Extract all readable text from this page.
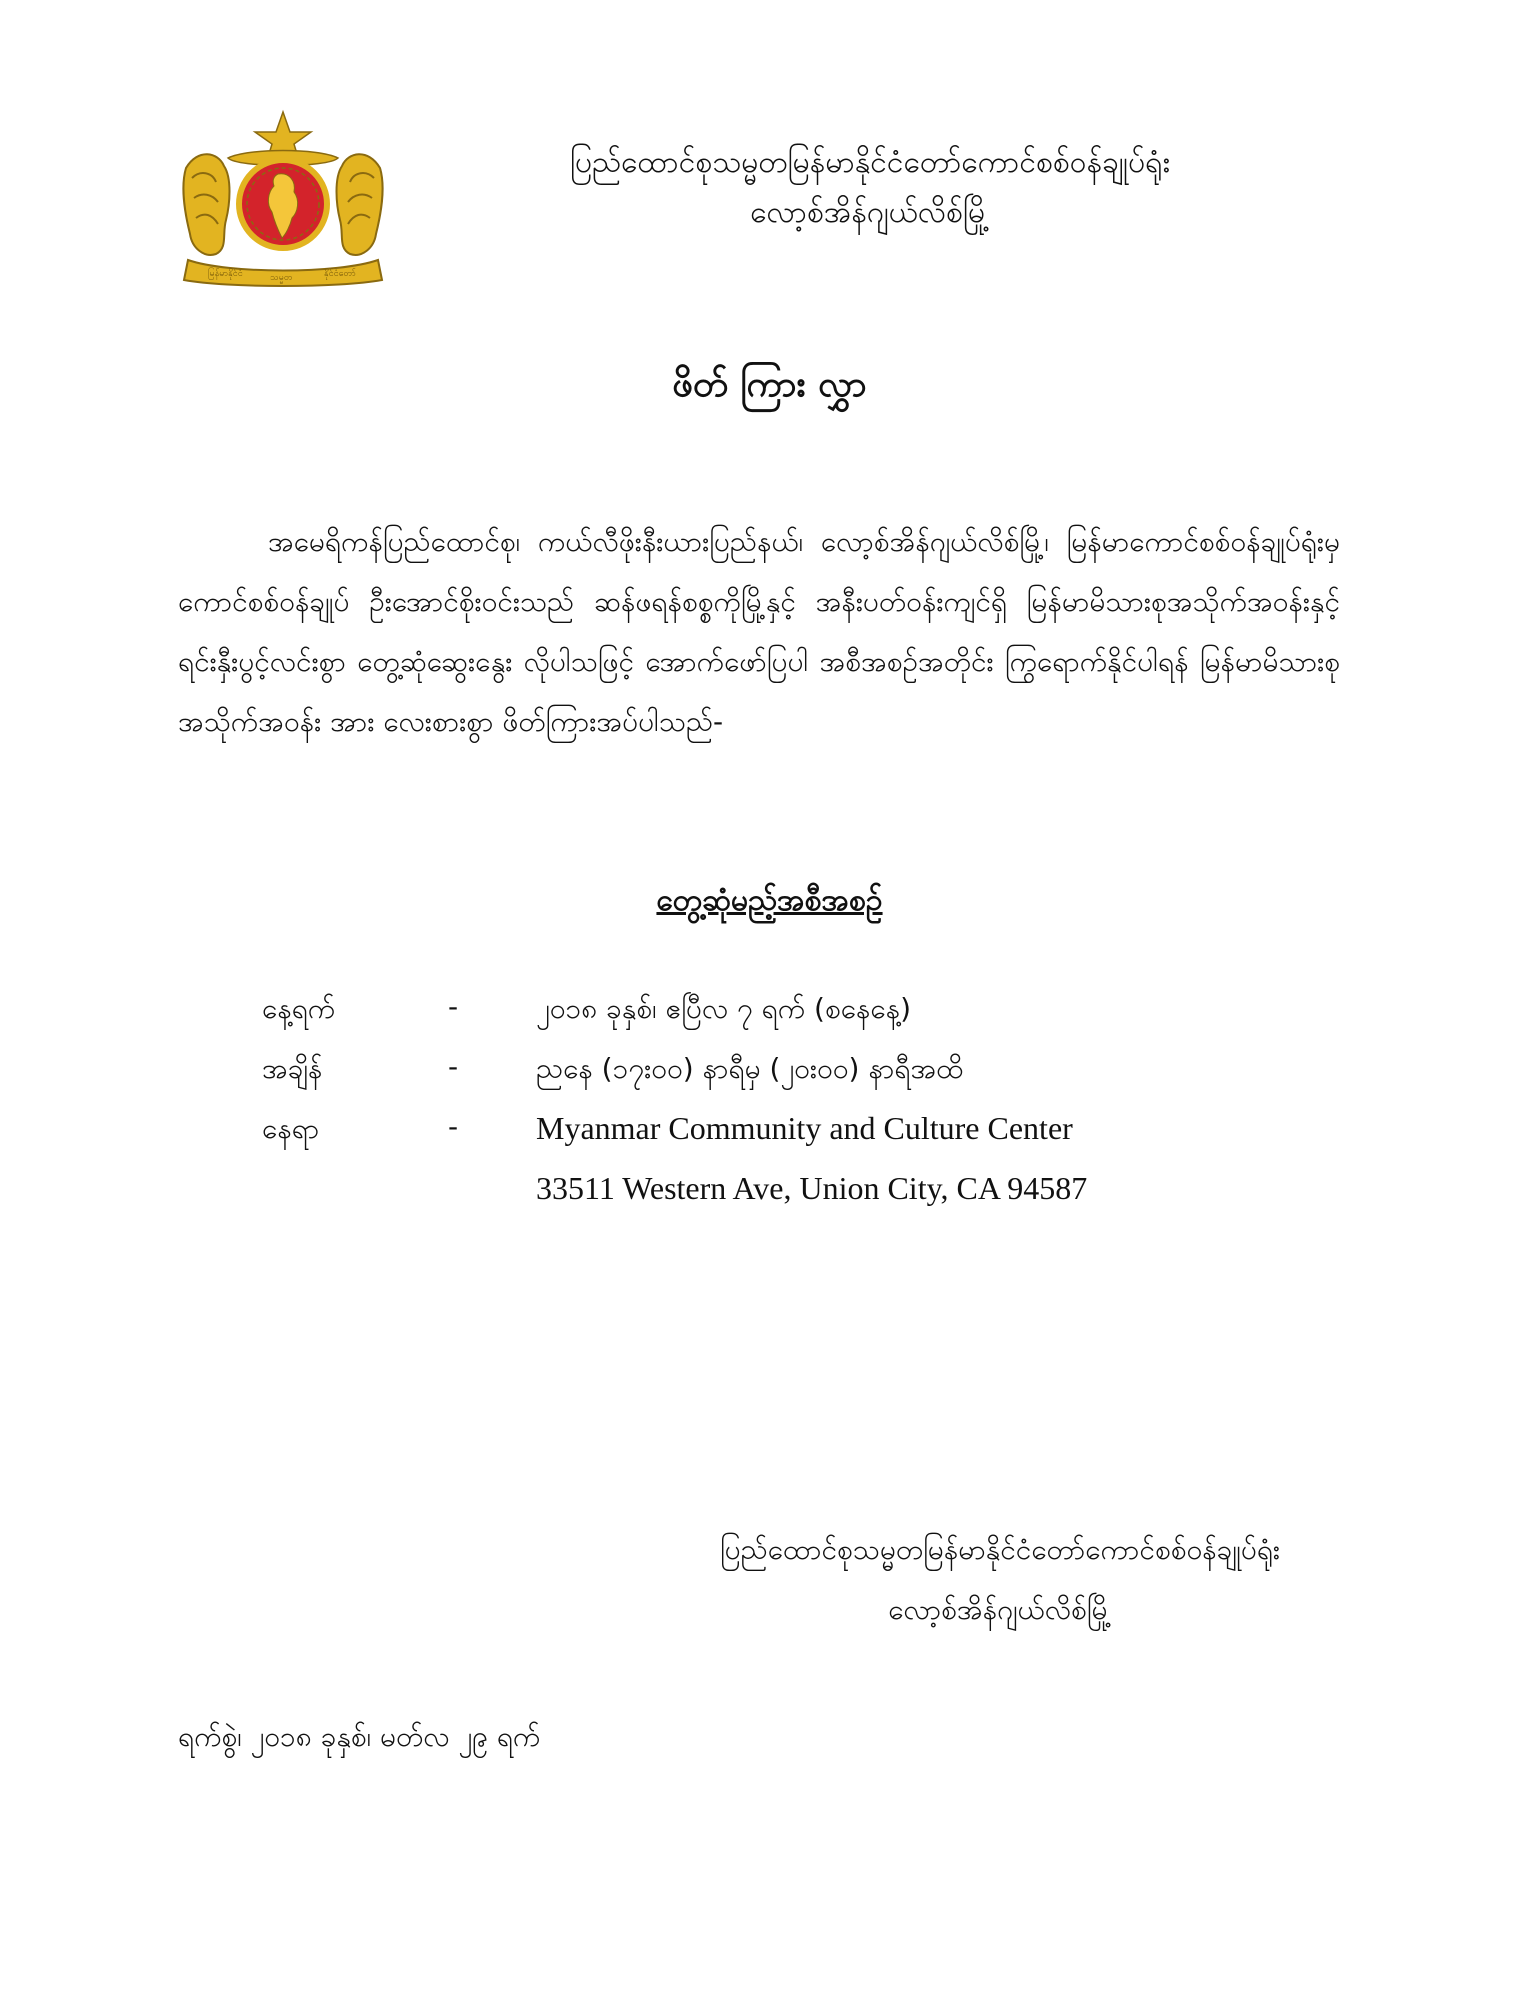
မြန်မာနိုင်ငံ	သမ္မတ	နိုင်ငံတော်
ပြည်ထောင်စုသမ္မတမြန်မာနိုင်ငံတော်ကောင်စစ်ဝန်ချုပ်ရုံး
လော့စ်အိန်ဂျယ်လိစ်မြို့
ဖိတ် ကြား လွှာ
အမေရိကန်ပြည်ထောင်စု၊ ကယ်လီဖိုးနီးယားပြည်နယ်၊ လော့စ်အိန်ဂျယ်လိစ်မြို့၊ မြန်မာကောင်စစ်ဝန်ချုပ်ရုံးမှ ကောင်စစ်ဝန်ချုပ် ဦးအောင်စိုးဝင်းသည် ဆန်ဖရန်စစ္စကိုမြို့နှင့် အနီးပတ်ဝန်းကျင်ရှိ မြန်မာမိသားစုအသိုက်အဝန်းနှင့် ရင်းနှီးပွင့်လင်းစွာ တွေ့ဆုံဆွေးနွေး လိုပါသဖြင့် အောက်ဖော်ပြပါ အစီအစဉ်အတိုင်း ကြွရောက်နိုင်ပါရန် မြန်မာမိသားစုအသိုက်အဝန်း အား လေးစားစွာ ဖိတ်ကြားအပ်ပါသည်-
တွေ့ဆုံမည့်အစီအစဉ်
နေ့ရက်	-	၂၀၁၈ ခုနှစ်၊ ဧပြီလ ၇ ရက် (စနေနေ့)
အချိန်	-	ညနေ (၁၇း၀၀) နာရီမှ (၂၀း၀၀) နာရီအထိ
နေရာ	- Myanmar Community and Culture Center
33511 Western Ave, Union City, CA 94587
ပြည်ထောင်စုသမ္မတမြန်မာနိုင်ငံတော်ကောင်စစ်ဝန်ချုပ်ရုံး
လော့စ်အိန်ဂျယ်လိစ်မြို့
ရက်စွဲ၊ ၂၀၁၈ ခုနှစ်၊ မတ်လ ၂၉ ရက်
